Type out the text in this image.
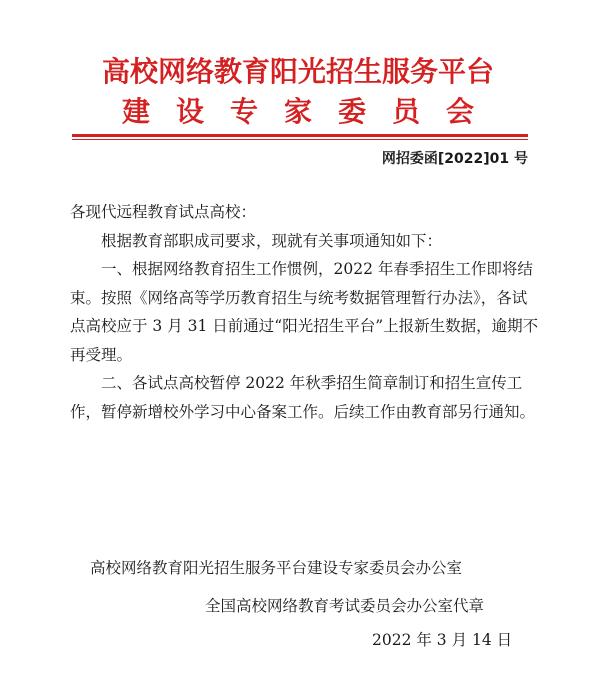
高校网络教育阳光招生服务平台
建设专家委员会
网招委函[2022]01 号

各现代远程教育试点高校：

根据教育部职成司要求，现就有关事项通知如下：

一、根据网络教育招生工作惯例，2022 年春季招生工作即将结束。按照《网络高等学历教育招生与统考数据管理暂行办法》，各试点高校应于 3 月 31 日前通过“阳光招生平台”上报新生数据，逾期不再受理。

二、各试点高校暂停 2022 年秋季招生简章制订和招生宣传工作，暂停新增校外学习中心备案工作。后续工作由教育部另行通知。

高校网络教育阳光招生服务平台建设专家委员会办公室
全国高校网络教育考试委员会办公室代章
2022 年 3 月 14 日
